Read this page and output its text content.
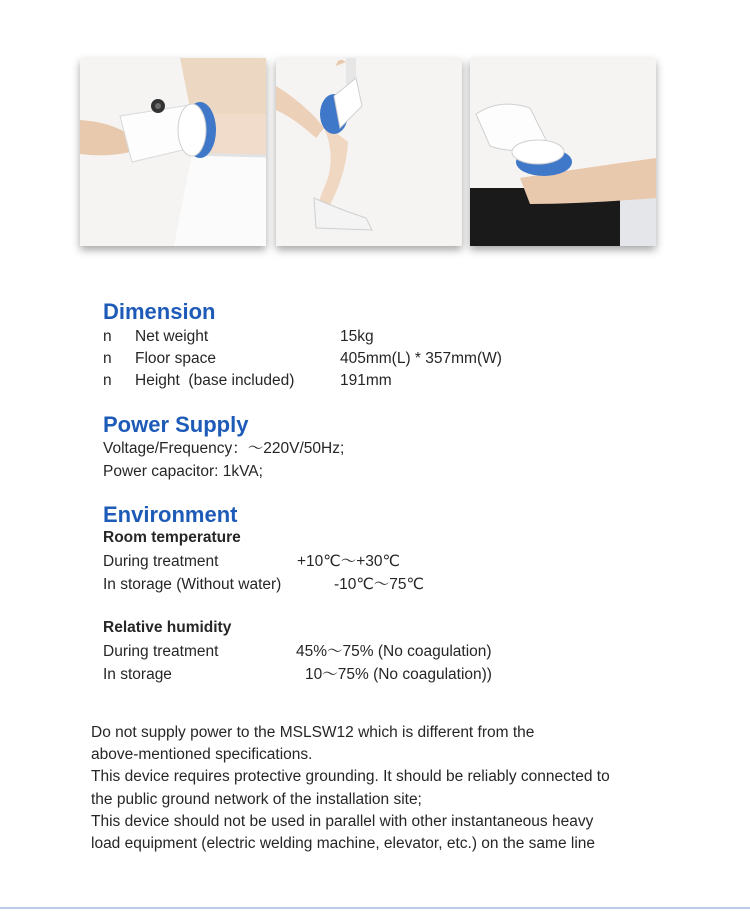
Dimension
n Net weight	15kg
n Floor space	405mm(L) * 357mm(W)
n Height  (base included)	191mm
Power Supply
Voltage/Frequency：～220V/50Hz;
Power capacitor: 1kVA;
Environment
Room temperature
During treatment	+10℃～+30℃
In storage (Without water)	-10℃～75℃
Relative humidity
During treatment	45%～75% (No coagulation)
In storage	10～75% (No coagulation))
Do not supply power to the MSLSW12 which is different from the
above-mentioned specifications.
This device requires protective grounding. It should be reliably connected to
the public ground network of the installation site;
This device should not be used in parallel with other instantaneous heavy
load equipment (electric welding machine, elevator, etc.) on the same line
